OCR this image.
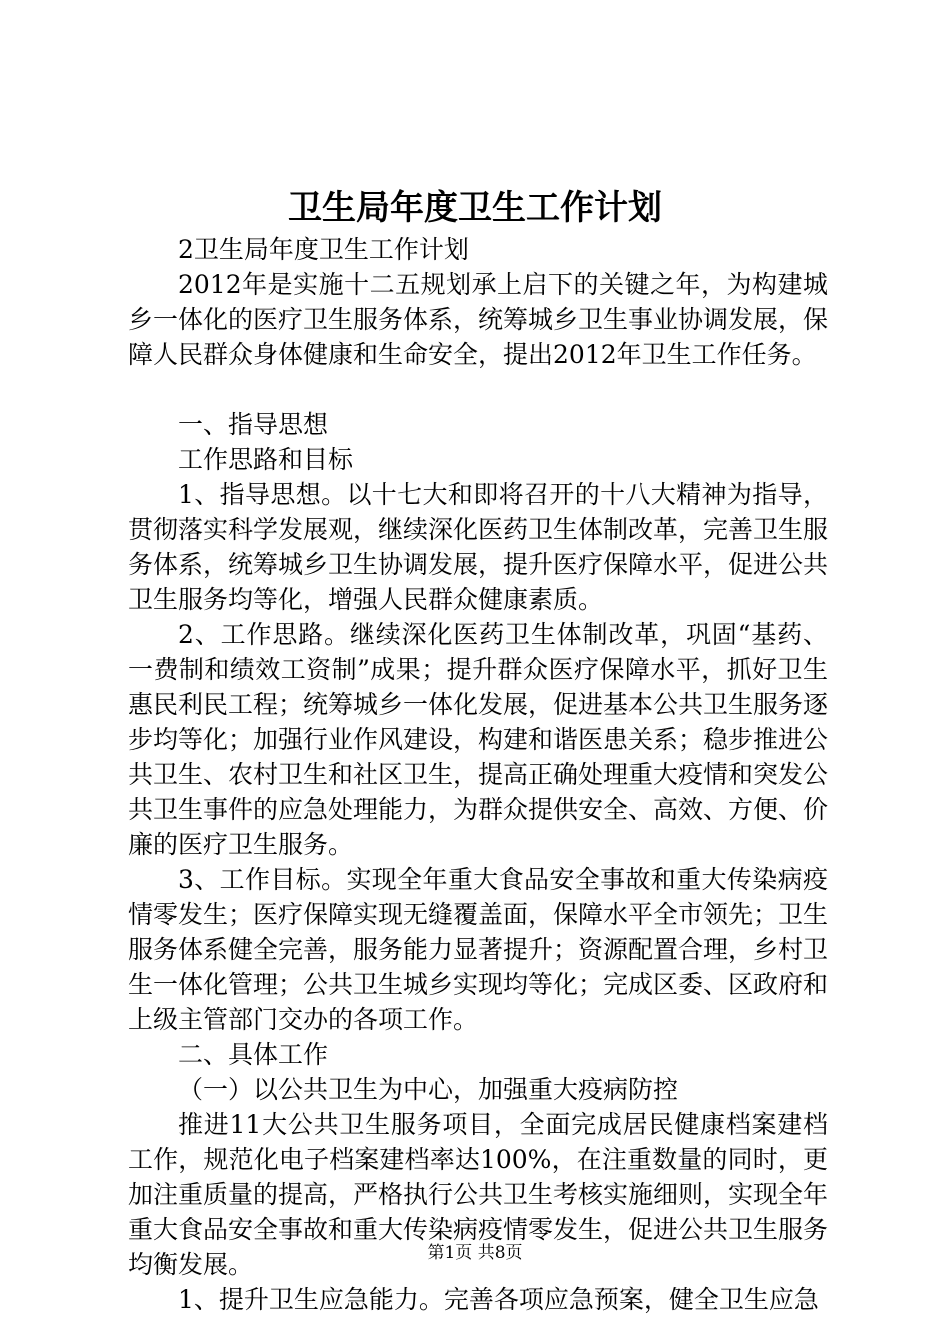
卫生局年度卫生工作计划

2卫生局年度卫生工作计划

2012年是实施十二五规划承上启下的关键之年，为构建城乡一体化的医疗卫生服务体系，统筹城乡卫生事业协调发展，保障人民群众身体健康和生命安全，提出2012年卫生工作任务。

一、指导思想

工作思路和目标

1、指导思想。以十七大和即将召开的十八大精神为指导，贯彻落实科学发展观，继续深化医药卫生体制改革，完善卫生服务体系，统筹城乡卫生协调发展，提升医疗保障水平，促进公共卫生服务均等化，增强人民群众健康素质。

2、工作思路。继续深化医药卫生体制改革，巩固“基药、一费制和绩效工资制”成果；提升群众医疗保障水平，抓好卫生惠民利民工程；统筹城乡一体化发展，促进基本公共卫生服务逐步均等化；加强行业作风建设，构建和谐医患关系；稳步推进公共卫生、农村卫生和社区卫生，提高正确处理重大疫情和突发公共卫生事件的应急处理能力，为群众提供安全、高效、方便、价廉的医疗卫生服务。

3、工作目标。实现全年重大食品安全事故和重大传染病疫情零发生；医疗保障实现无缝覆盖面，保障水平全市领先；卫生服务体系健全完善，服务能力显著提升；资源配置合理，乡村卫生一体化管理；公共卫生城乡实现均等化；完成区委、区政府和上级主管部门交办的各项工作。

二、具体工作

（一）以公共卫生为中心，加强重大疫病防控

推进11大公共卫生服务项目，全面完成居民健康档案建档工作，规范化电子档案建档率达100%，在注重数量的同时，更加注重质量的提高，严格执行公共卫生考核实施细则，实现全年重大食品安全事故和重大传染病疫情零发生，促进公共卫生服务均衡发展。

1、提升卫生应急能力。完善各项应急预案，健全卫生应急

第1页 共8页
